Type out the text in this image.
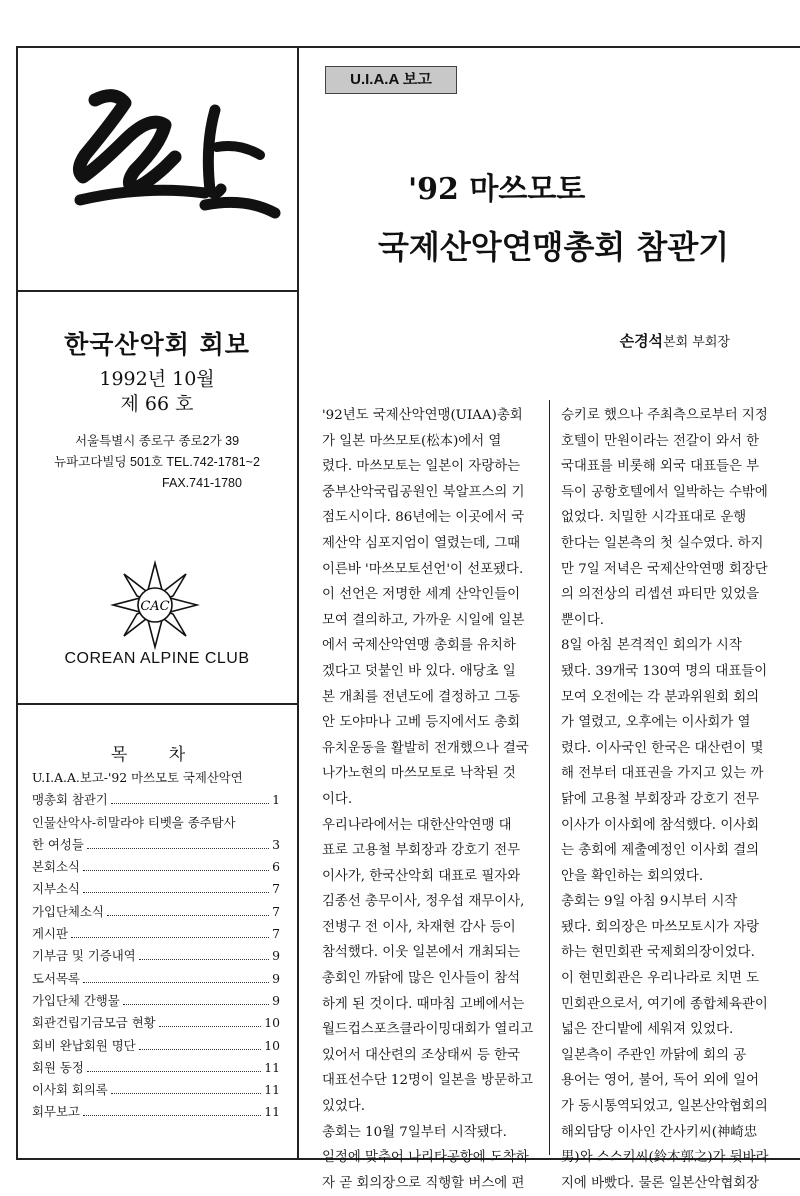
한국산악회 회보
1992년 10월
제 66 호
서울특별시 종로구 종로2가 39
뉴파고다빌딩 501호 TEL.742-1781~2
FAX.741-1780
CAC
COREAN ALPINE CLUB
목 차
U.I.A.A.보고-'92 마쓰모토 국제산악연
맹총회 참관기	1
인물산악사-히말라야 티벳을 종주탐사
한 여성들	3
본회소식	6
지부소식	7
가입단체소식	7
게시판	7
기부금 및 기증내역	9
도서목록	9
가입단체 간행물	9
회관건립기금모금 현황	10
회비 완납회원 명단	10
회원 동정	11
이사회 회의록	11
회무보고	11
U.I.A.A 보고
'92 마쓰모토
국제산악연맹총회 참관기
손경석본회 부회장
'92년도 국제산악연맹(UIAA)총회
가 일본 마쓰모토(松本)에서 열
렸다. 마쓰모토는 일본이 자랑하는
중부산악국립공원인 북알프스의 기
점도시이다. 86년에는 이곳에서 국
제산악 심포지엄이 열렸는데, 그때
이른바 '마쓰모토선언'이 선포됐다.
이 선언은 저명한 세계 산악인들이
모여 결의하고, 가까운 시일에 일본
에서 국제산악연맹 총회를 유치하
겠다고 덧붙인 바 있다. 애당초 일
본 개최를 전년도에 결정하고 그동
안 도야마나 고베 등지에서도 총회
유치운동을 활발히 전개했으나 결국
나가노현의 마쓰모토로 낙착된 것
이다.
우리나라에서는 대한산악연맹 대
표로 고용철 부회장과 강호기 전무
이사가, 한국산악회 대표로 필자와
김종선 총무이사, 정우섭 재무이사,
전병구 전 이사, 차재현 감사 등이
참석했다. 이웃 일본에서 개최되는
총회인 까닭에 많은 인사들이 참석
하게 된 것이다. 때마침 고베에서는
월드컵스포츠클라이밍대회가 열리고
있어서 대산련의 조상태씨 등 한국
대표선수단 12명이 일본을 방문하고
있었다.
총회는 10월 7일부터 시작됐다.
일정에 맞추어 나리타공항에 도착하
자 곧 회의장으로 직행할 버스에 편
승키로 했으나 주최측으로부터 지정
호텔이 만원이라는 전갈이 와서 한
국대표를 비롯해 외국 대표들은 부
득이 공항호텔에서 일박하는 수밖에
없었다. 치밀한 시각표대로 운행
한다는 일본측의 첫 실수였다. 하지
만 7일 저녁은 국제산악연맹 회장단
의 의전상의 리셉션 파티만 있었을
뿐이다.
8일 아침 본격적인 회의가 시작
됐다. 39개국 130여 명의 대표들이
모여 오전에는 각 분과위원회 회의
가 열렸고, 오후에는 이사회가 열
렸다. 이사국인 한국은 대산련이 몇
해 전부터 대표권을 가지고 있는 까
닭에 고용철 부회장과 강호기 전무
이사가 이사회에 참석했다. 이사회
는 총회에 제출예정인 이사회 결의
안을 확인하는 회의였다.
총회는 9일 아침 9시부터 시작
됐다. 회의장은 마쓰모토시가 자랑
하는 현민회관 국제회의장이었다.
이 현민회관은 우리나라로 치면 도
민회관으로서, 여기에 종합체육관이
넓은 잔디밭에 세워져 있었다.
일본측이 주관인 까닭에 회의 공
용어는 영어, 불어, 독어 외에 일어
가 동시통역되었고, 일본산악협회의
해외담당 이사인 간사키씨(神崎忠
男)와 스스키씨(鈴木郭之)가 뒷바라
지에 바빴다. 물론 일본산악협회장
